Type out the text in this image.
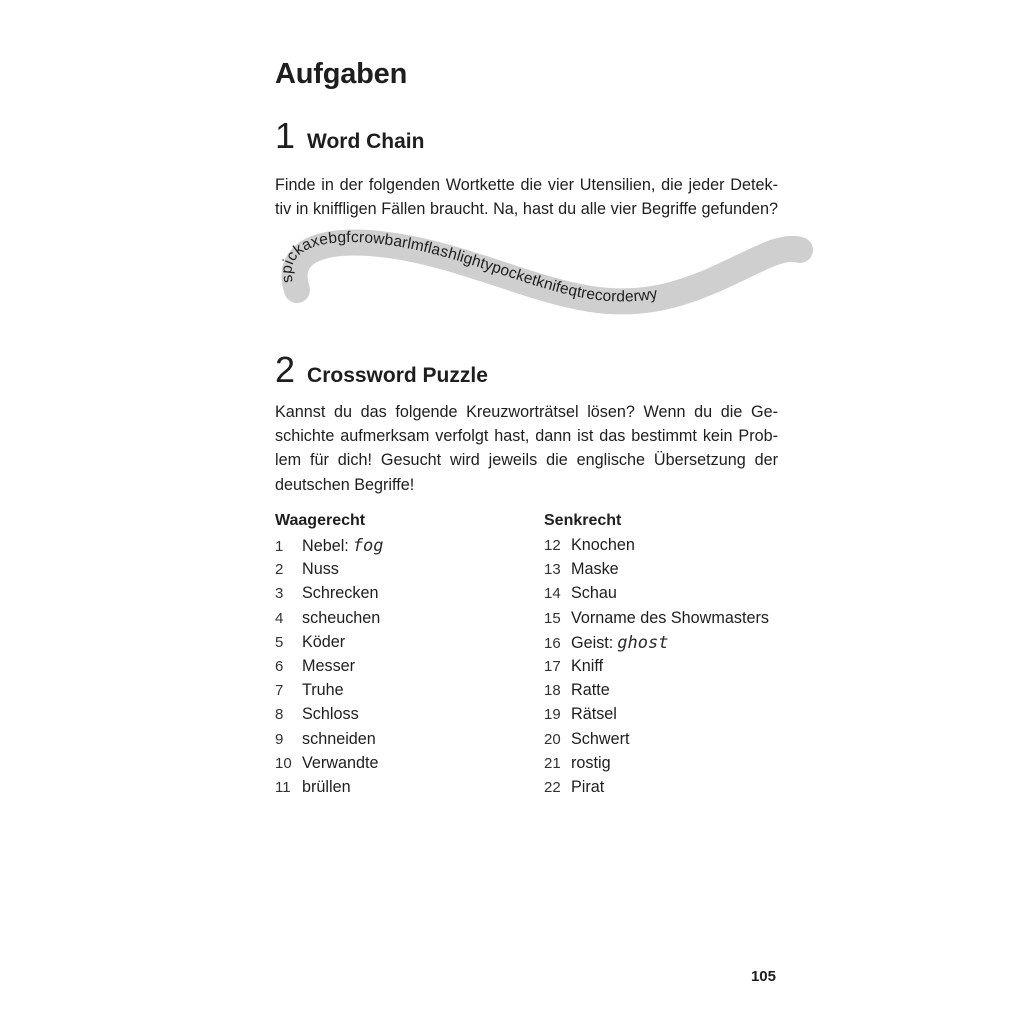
Aufgaben
1 Word Chain

Finde in der folgenden Wortkette die vier Utensilien, die jeder Detek-
tiv in kniffligen Fällen braucht. Na, hast du alle vier Begriffe gefunden?

spickaxebgfcrowbarlmflashlightypocketknifeqtrecorderwy
2 Crossword Puzzle

Kannst du das folgende Kreuzworträtsel lösen? Wenn du die Ge-
schichte aufmerksam verfolgt hast, dann ist das bestimmt kein Prob-
lem für dich! Gesucht wird jeweils die englische Übersetzung der
deutschen Begriffe!

Waagerecht
1	Nebel: fog
2	Nuss
3	Schrecken
4	scheuchen
5	Köder
6	Messer
7	Truhe
8	Schloss
9	schneiden
10 Verwandte
11 brüllen
Senkrecht
12 Knochen
13 Maske
14 Schau
15 Vorname des Showmasters
16 Geist: ghost
17 Kniff
18 Ratte
19 Rätsel
20 Schwert
21 rostig
22 Pirat
105
